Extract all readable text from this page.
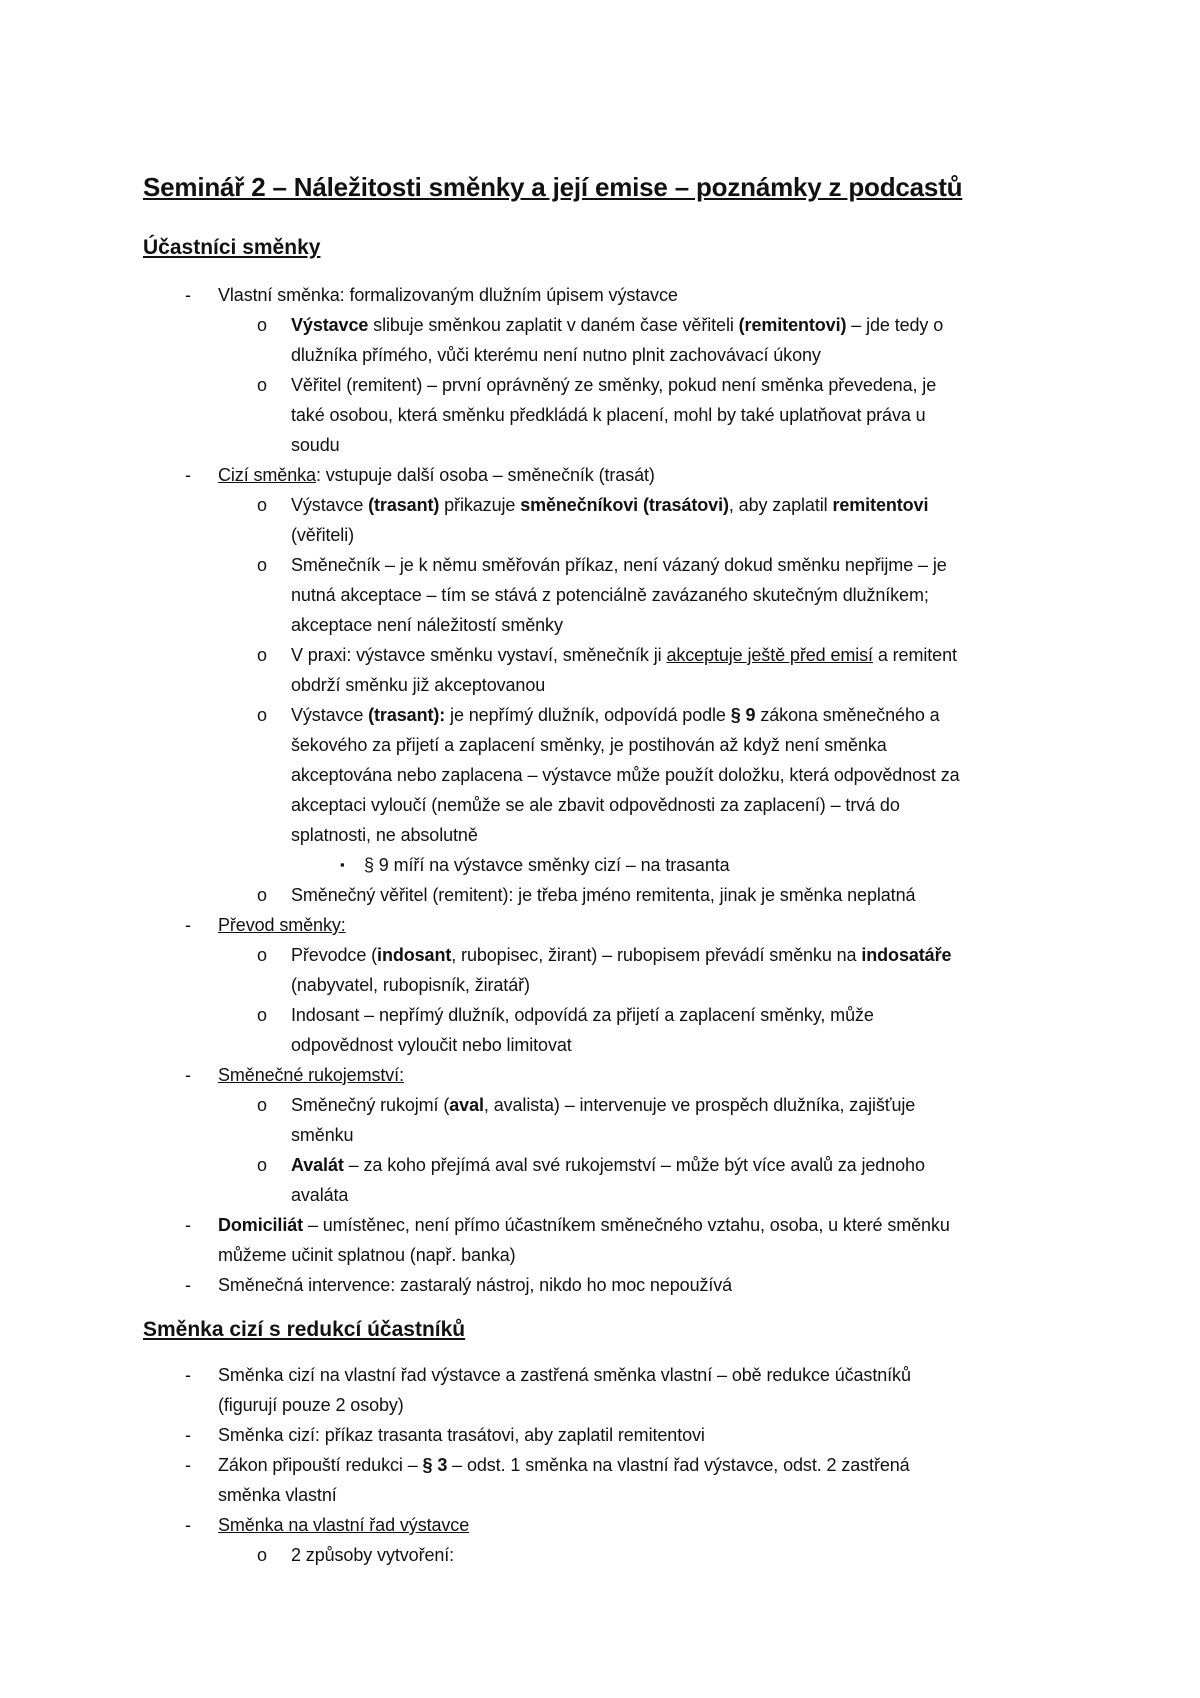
Seminář 2 – Náležitosti směnky a její emise – poznámky z podcastů
Účastníci směnky
- Vlastní směnka: formalizovaným dlužním úpisem výstavce
o Výstavce slibuje směnkou zaplatit v daném čase věřiteli (remitentovi) – jde tedy o
dlužníka přímého, vůči kterému není nutno plnit zachovávací úkony
o Věřitel (remitent) – první oprávněný ze směnky, pokud není směnka převedena, je
také osobou, která směnku předkládá k placení, mohl by také uplatňovat práva u
soudu
- Cizí směnka: vstupuje další osoba – směnečník (trasát)
o Výstavce (trasant) přikazuje směnečníkovi (trasátovi), aby zaplatil remitentovi
(věřiteli)
o Směnečník – je k němu směřován příkaz, není vázaný dokud směnku nepřijme – je
nutná akceptace – tím se stává z potenciálně zavázaného skutečným dlužníkem;
akceptace není náležitostí směnky
o V praxi: výstavce směnku vystaví, směnečník ji akceptuje ještě před emisí a remitent
obdrží směnku již akceptovanou
o Výstavce (trasant): je nepřímý dlužník, odpovídá podle § 9 zákona směnečného a
šekového za přijetí a zaplacení směnky, je postihován až když není směnka
akceptována nebo zaplacena – výstavce může použít doložku, která odpovědnost za
akceptaci vyloučí (nemůže se ale zbavit odpovědnosti za zaplacení) – trvá do
splatnosti, ne absolutně
▪ § 9 míří na výstavce směnky cizí – na trasanta
o Směnečný věřitel (remitent): je třeba jméno remitenta, jinak je směnka neplatná
- Převod směnky:
o Převodce (indosant, rubopisec, žirant) – rubopisem převádí směnku na indosatáře
(nabyvatel, rubopisník, žiratář)
o Indosant – nepřímý dlužník, odpovídá za přijetí a zaplacení směnky, může
odpovědnost vyloučit nebo limitovat
- Směnečné rukojemství:
o Směnečný rukojmí (aval, avalista) – intervenuje ve prospěch dlužníka, zajišťuje
směnku
o Avalát – za koho přejímá aval své rukojemství – může být více avalů za jednoho
avaláta
- Domiciliát – umístěnec, není přímo účastníkem směnečného vztahu, osoba, u které směnku
můžeme učinit splatnou (např. banka)
- Směnečná intervence: zastaralý nástroj, nikdo ho moc nepoužívá
Směnka cizí s redukcí účastníků
- Směnka cizí na vlastní řad výstavce a zastřená směnka vlastní – obě redukce účastníků
(figurují pouze 2 osoby)
- Směnka cizí: příkaz trasanta trasátovi, aby zaplatil remitentovi
- Zákon připouští redukci – § 3 – odst. 1 směnka na vlastní řad výstavce, odst. 2 zastřená
směnka vlastní
- Směnka na vlastní řad výstavce
o 2 způsoby vytvoření:
